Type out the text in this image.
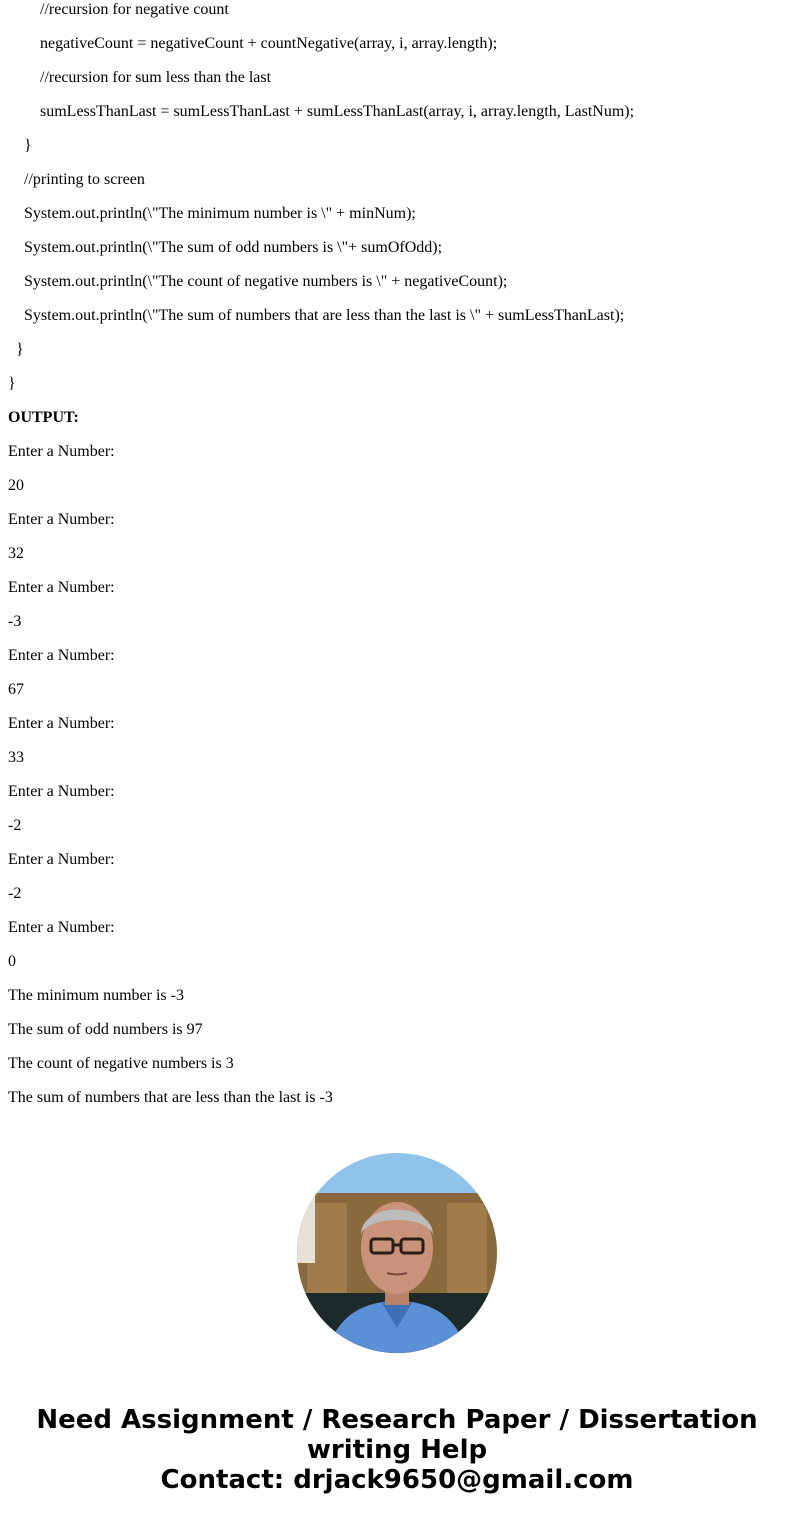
//recursion for negative count
negativeCount = negativeCount + countNegative(array, i, array.length);
//recursion for sum less than the last
sumLessThanLast = sumLessThanLast + sumLessThanLast(array, i, array.length, LastNum);
}
//printing to screen
System.out.println(\"The minimum number is \" + minNum);
System.out.println(\"The sum of odd numbers is \"+ sumOfOdd);
System.out.println(\"The count of negative numbers is \" + negativeCount);
System.out.println(\"The sum of numbers that are less than the last is \" + sumLessThanLast);
}
}
OUTPUT:
Enter a Number:
20
Enter a Number:
32
Enter a Number:
-3
Enter a Number:
67
Enter a Number:
33
Enter a Number:
-2
Enter a Number:
-2
Enter a Number:
0
The minimum number is -3
The sum of odd numbers is 97
The count of negative numbers is 3
The sum of numbers that are less than the last is -3
Need Assignment / Research Paper / Dissertation
writing Help
Contact: drjack9650@gmail.com
